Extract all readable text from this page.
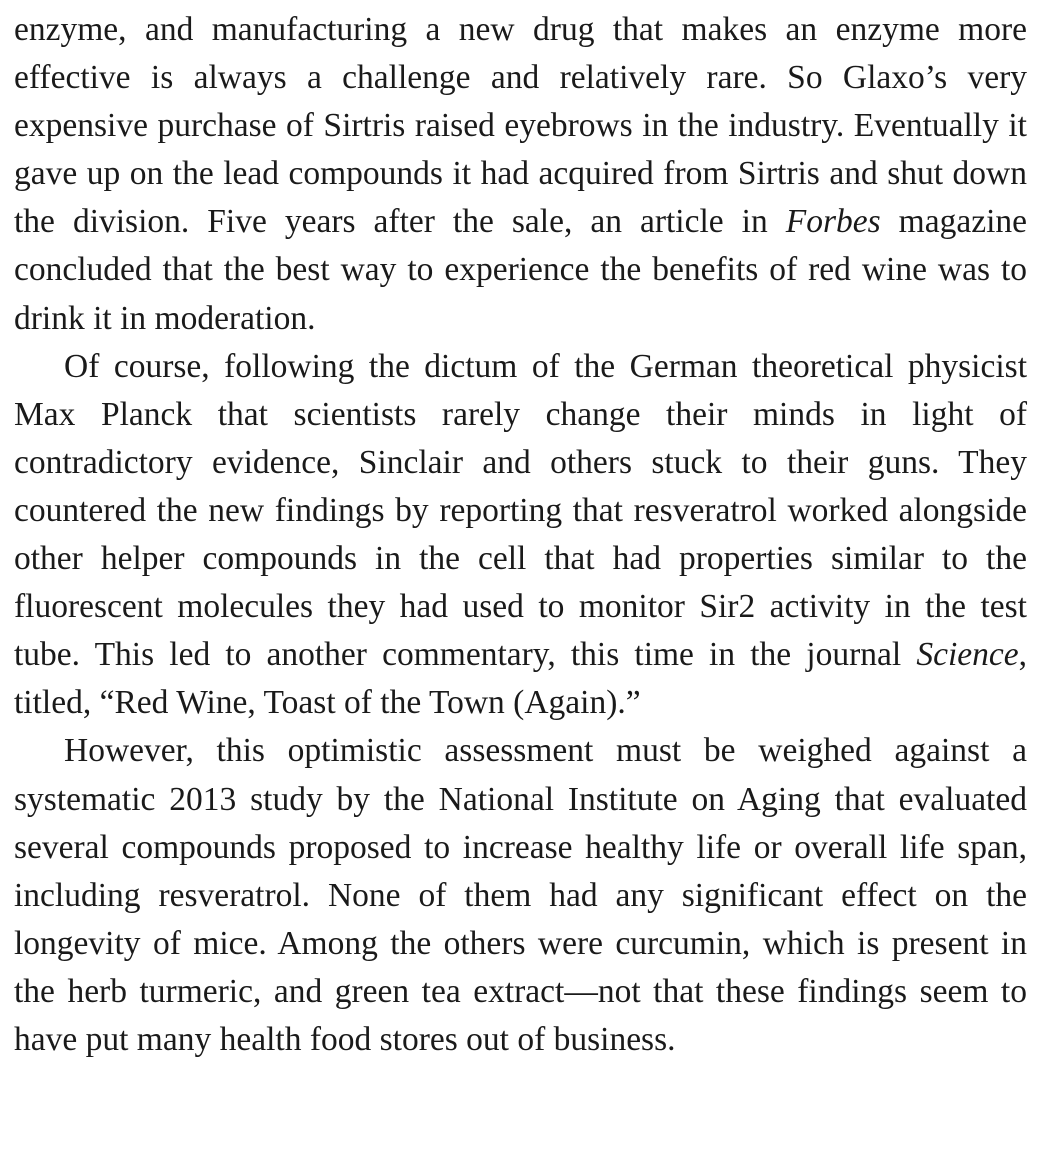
enzyme, and manufacturing a new drug that makes an enzyme more effective is always a challenge and relatively rare. So Glaxo’s very expensive purchase of Sirtris raised eyebrows in the industry. Eventually it gave up on the lead compounds it had acquired from Sirtris and shut down the division. Five years after the sale, an article in Forbes magazine concluded that the best way to experience the benefits of red wine was to drink it in moderation.

Of course, following the dictum of the German theoretical physicist Max Planck that scientists rarely change their minds in light of contradictory evidence, Sinclair and others stuck to their guns. They countered the new findings by reporting that resveratrol worked alongside other helper compounds in the cell that had properties similar to the fluorescent molecules they had used to monitor Sir2 activity in the test tube. This led to another commentary, this time in the journal Science, titled, “Red Wine, Toast of the Town (Again).”

However, this optimistic assessment must be weighed against a systematic 2013 study by the National Institute on Aging that evaluated several compounds proposed to increase healthy life or overall life span, including resveratrol. None of them had any significant effect on the longevity of mice. Among the others were curcumin, which is present in the herb turmeric, and green tea extract—not that these findings seem to have put many health food stores out of business.
